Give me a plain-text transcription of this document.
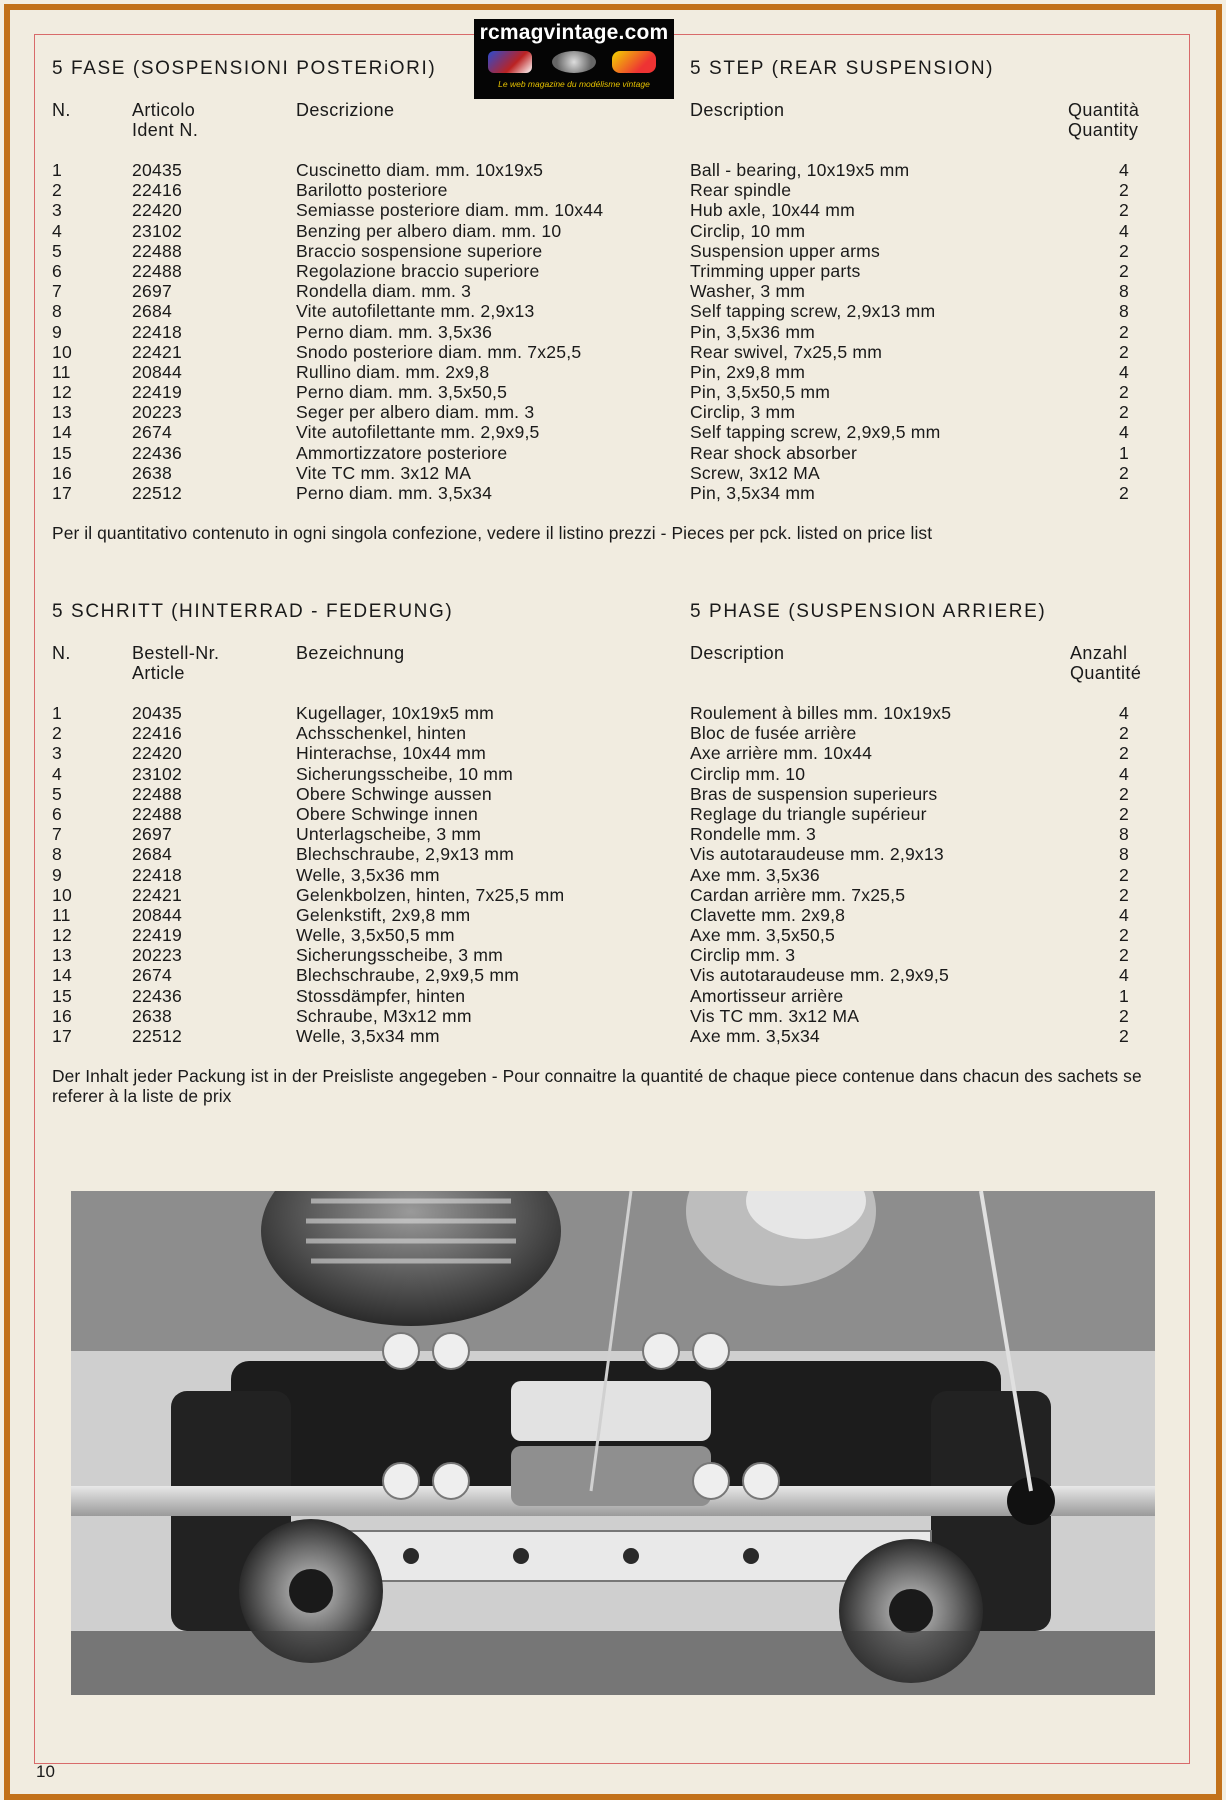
rcmagvintage.com
Le web magazine du modélisme vintage
5 FASE (SOSPENSIONI POSTERiORI)	5 STEP (REAR SUSPENSION)
N.	Articolo
Ident N.
Descrizione	Description	Quantità
Quantity
1	20435	Cuscinetto diam. mm. 10x19x5	Ball - bearing, 10x19x5 mm	4
2	22416	Barilotto posteriore	Rear spindle	2
3	22420	Semiasse posteriore diam. mm. 10x44	Hub axle, 10x44 mm	2
4	23102	Benzing per albero diam. mm. 10	Circlip, 10 mm	4
5	22488	Braccio sospensione superiore	Suspension upper arms	2
6	22488	Regolazione braccio superiore	Trimming upper parts	2
7	2697	Rondella diam. mm. 3	Washer, 3 mm	8
8	2684	Vite autofilettante mm. 2,9x13	Self tapping screw, 2,9x13 mm	8
9	22418	Perno diam. mm. 3,5x36	Pin, 3,5x36 mm	2
10	22421	Snodo posteriore diam. mm. 7x25,5	Rear swivel, 7x25,5 mm	2
11	20844	Rullino diam. mm. 2x9,8	Pin, 2x9,8 mm	4
12	22419	Perno diam. mm. 3,5x50,5	Pin, 3,5x50,5 mm	2
13	20223	Seger per albero diam. mm. 3	Circlip, 3 mm	2
14	2674	Vite autofilettante mm. 2,9x9,5	Self tapping screw, 2,9x9,5 mm	4
15	22436	Ammortizzatore posteriore	Rear shock absorber	1
16	2638	Vite TC mm. 3x12 MA	Screw, 3x12 MA	2
17	22512	Perno diam. mm. 3,5x34	Pin, 3,5x34 mm	2
Per il quantitativo contenuto in ogni singola confezione, vedere il listino prezzi - Pieces per pck. listed on price list
5 SCHRITT (HINTERRAD - FEDERUNG)	5 PHASE (SUSPENSION ARRIERE)
N.	Bestell-Nr.
Article
Bezeichnung	Description	Anzahl
Quantité
1	20435	Kugellager, 10x19x5 mm	Roulement à billes mm. 10x19x5	4
2	22416	Achsschenkel, hinten	Bloc de fusée arrière	2
3	22420	Hinterachse, 10x44 mm	Axe arrière mm. 10x44	2
4	23102	Sicherungsscheibe, 10 mm	Circlip mm. 10	4
5	22488	Obere Schwinge aussen	Bras de suspension superieurs	2
6	22488	Obere Schwinge innen	Reglage du triangle supérieur	2
7	2697	Unterlagscheibe, 3 mm	Rondelle mm. 3	8
8	2684	Blechschraube, 2,9x13 mm	Vis autotaraudeuse mm. 2,9x13	8
9	22418	Welle, 3,5x36 mm	Axe mm. 3,5x36	2
10	22421	Gelenkbolzen, hinten, 7x25,5 mm	Cardan arrière mm. 7x25,5	2
11	20844	Gelenkstift, 2x9,8 mm	Clavette mm. 2x9,8	4
12	22419	Welle, 3,5x50,5 mm	Axe mm. 3,5x50,5	2
13	20223	Sicherungsscheibe, 3 mm	Circlip mm. 3	2
14	2674	Blechschraube, 2,9x9,5 mm	Vis autotaraudeuse mm. 2,9x9,5	4
15	22436	Stossdämpfer, hinten	Amortisseur arrière	1
16	2638	Schraube, M3x12 mm	Vis TC mm. 3x12 MA	2
17	22512	Welle, 3,5x34 mm	Axe mm. 3,5x34	2
Der Inhalt jeder Packung ist in der Preisliste angegeben - Pour connaitre la quantité de chaque piece contenue dans chacun des sachets se referer à la liste de prix
10
